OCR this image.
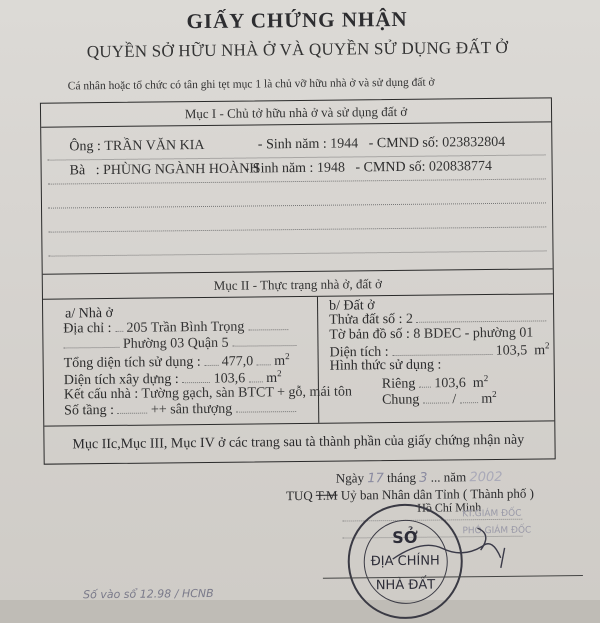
GIẤY CHỨNG NHẬN
QUYỀN SỞ HỮU NHÀ Ở VÀ QUYỀN SỬ DỤNG ĐẤT Ở
Cá nhân hoặc tổ chức có tân ghi tẹt mục 1 là chủ vỡ hữu nhà ở và sử dụng đất ở
Mục I - Chủ tở hữu nhà ở và sử dụng đất ở
Ông : TRẦN VĂN KIA	- Sinh năm : 1944 - CMND số: 023832804
Bà   : PHÙNG NGÀNH HOÀNH - Sinh năm : 1948 - CMND số: 020838774
Mục II - Thực trạng nhà ở, đất ở
a/ Nhà ở
Địa chỉ : 205 Trần Bình Trọng
Phường 03 Quận 5
Tổng diện tích sử dụng : 477,0 $m^2$
Diện tích xây dựng : 103,6 $m^2$
Kết cấu nhà : Tường gạch, sàn BTCT + gỗ, mái tôn
Số tầng :	++ sân thượng
b/ Đất ở
Thửa đất số : 2
Tờ bản đồ số : 8 BDEC - phường 01
Diện tích :	103,5 $m^2$
Hình thức sử dụng :
Riêng 103,6 $m^2$
Chung / $m^2$
Mục IIc,Mục III, Mục IV ở các trang sau tà thành phần của giấy chứng nhận này
Ngày 17 tháng 3 ... năm 2002
TUQ T.M Uỷ ban Nhân dân Tỉnh ( Thành phố )
Hồ Chí Minh
KT.GIÁM ĐỐC
PHÓ GIÁM ĐỐC
SỞ
ĐỊA CHÍNH
NHÀ ĐẤT
Số vào sổ 12.98 / HCNB
